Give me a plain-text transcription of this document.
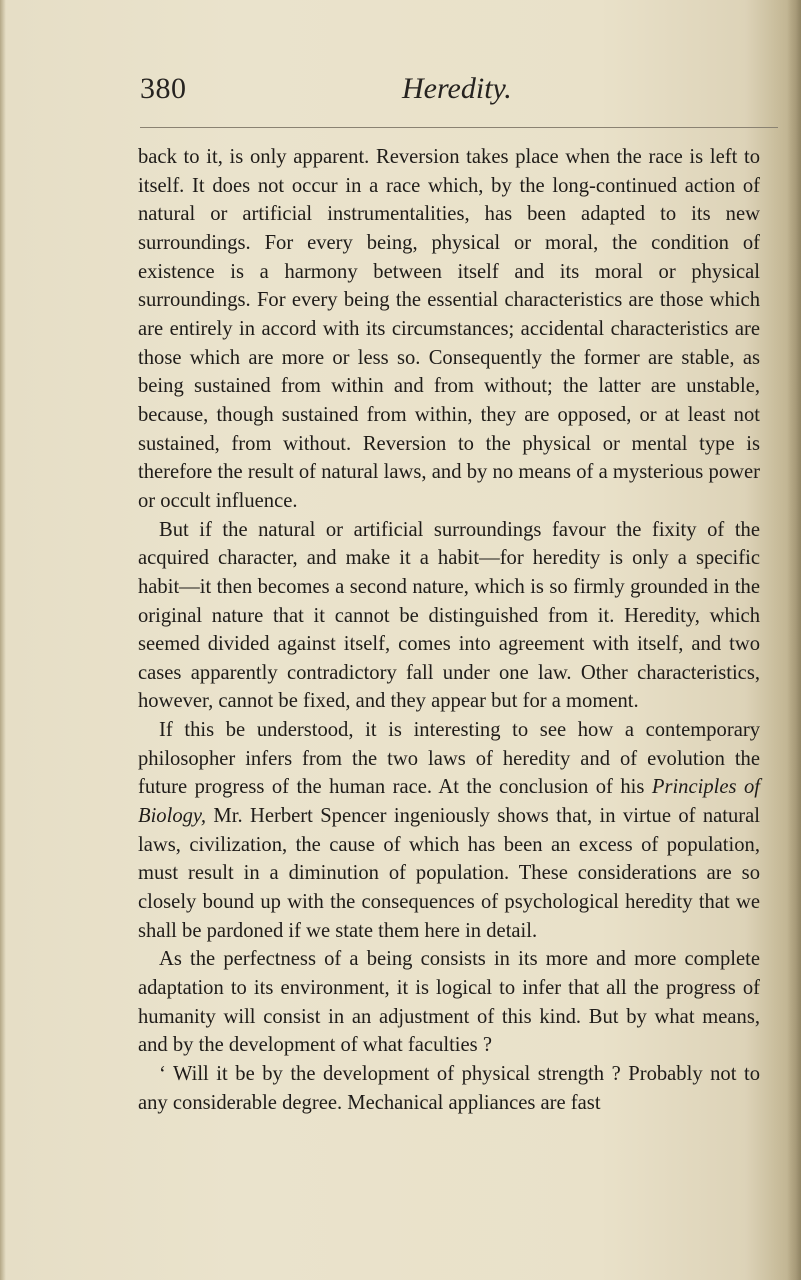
380	Heredity.

back to it, is only apparent. Reversion takes place when the race is left to itself. It does not occur in a race which, by the long-continued action of natural or artificial instrumentalities, has been adapted to its new surroundings. For every being, physical or moral, the condition of existence is a harmony between itself and its moral or physical surroundings. For every being the essential characteristics are those which are entirely in accord with its circumstances; accidental characteristics are those which are more or less so. Consequently the former are stable, as being sustained from within and from without; the latter are unstable, because, though sustained from within, they are opposed, or at least not sustained, from without. Reversion to the physical or mental type is therefore the result of natural laws, and by no means of a mysterious power or occult influence.

But if the natural or artificial surroundings favour the fixity of the acquired character, and make it a habit—for heredity is only a specific habit—it then becomes a second nature, which is so firmly grounded in the original nature that it cannot be distinguished from it. Heredity, which seemed divided against itself, comes into agreement with itself, and two cases apparently contradictory fall under one law. Other characteristics, however, cannot be fixed, and they appear but for a moment.

If this be understood, it is interesting to see how a contemporary philosopher infers from the two laws of heredity and of evolution the future progress of the human race. At the conclusion of his Principles of Biology, Mr. Herbert Spencer ingeniously shows that, in virtue of natural laws, civilization, the cause of which has been an excess of population, must result in a diminution of population. These considerations are so closely bound up with the consequences of psychological heredity that we shall be pardoned if we state them here in detail.

As the perfectness of a being consists in its more and more complete adaptation to its environment, it is logical to infer that all the progress of humanity will consist in an adjustment of this kind. But by what means, and by the development of what faculties ?

‘ Will it be by the development of physical strength ? Probably not to any considerable degree. Mechanical appliances are fast
